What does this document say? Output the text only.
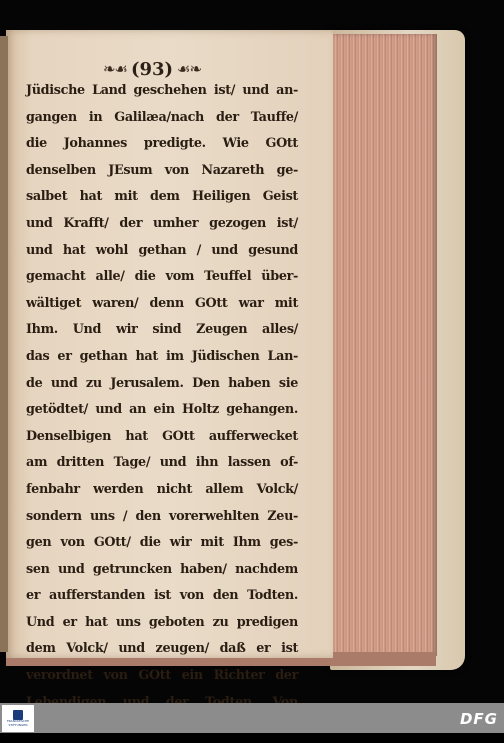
❧☙ (93) ☙❧
Jüdische Land geschehen ist/ und an-
gangen in Galilæa/nach der Tauffe/
die Johannes predigte. Wie GOtt
denselben JEsum von Nazareth ge-
salbet hat mit dem Heiligen Geist
und Krafft/ der umher gezogen ist/
und hat wohl gethan / und gesund
gemacht alle/ die vom Teuffel über-
wältiget waren/ denn GOtt war mit
Ihm. Und wir sind Zeugen alles/
das er gethan hat im Jüdischen Lan-
de und zu Jerusalem. Den haben sie
getödtet/ und an ein Holtz gehangen.
Denselbigen hat GOtt aufferwecket
am dritten Tage/ und ihn lassen of-
fenbahr werden nicht allem Volck/
sondern uns / den vorerwehlten Zeu-
gen von GOtt/ die wir mit Ihm ges-
sen und getruncken haben/ nachdem
er aufferstanden ist von den Todten.
Und er hat uns geboten zu predigen
dem Volck/ und zeugen/ daß er ist
verordnet von GOtt ein Richter der
FRANCKESCHE
STIFTUNGEN	DFG
